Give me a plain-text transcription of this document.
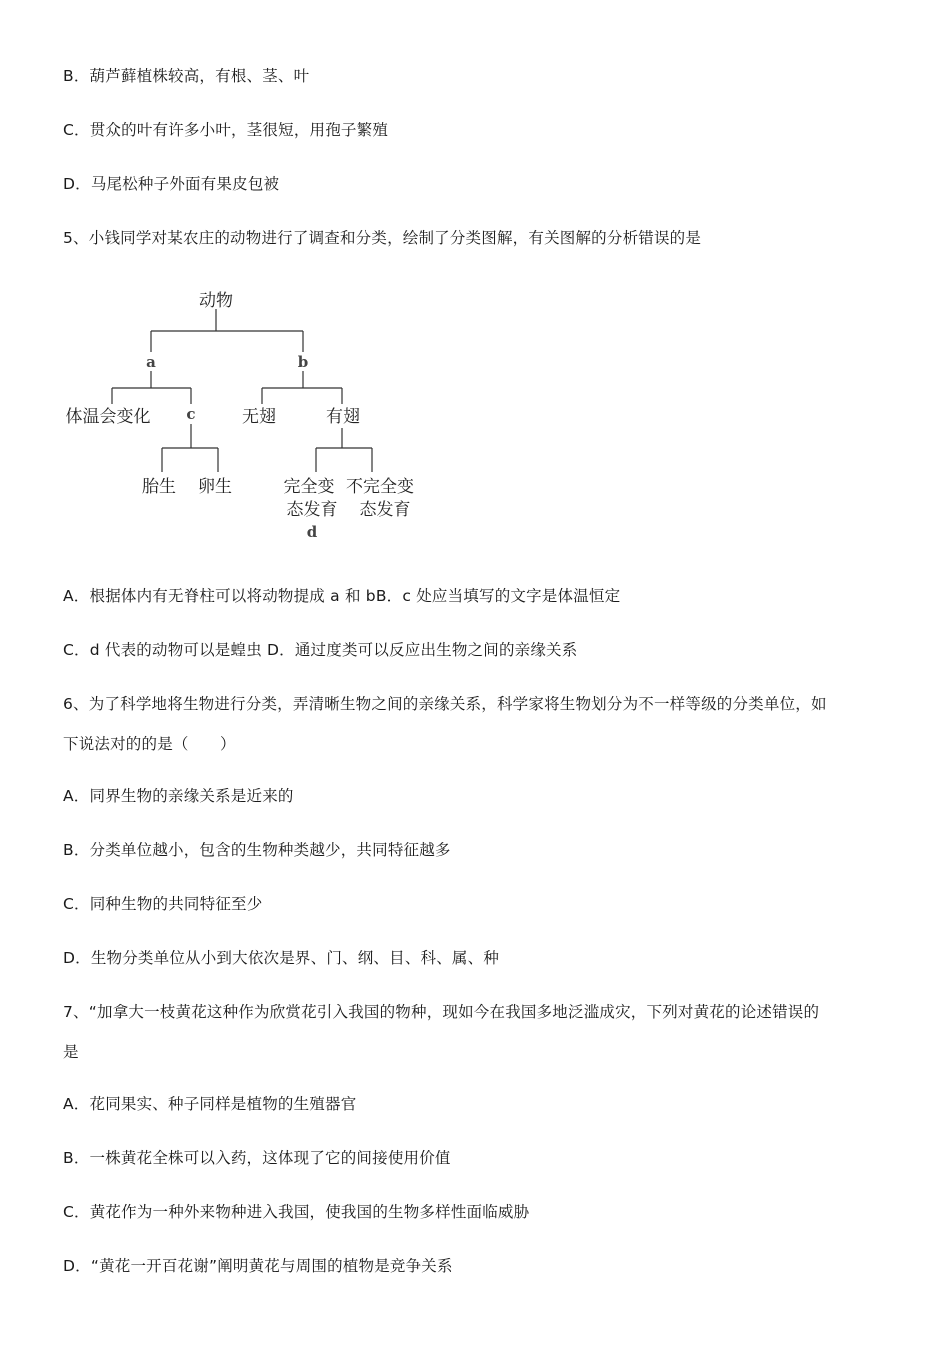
B．葫芦藓植株较高，有根、茎、叶
C．贯众的叶有许多小叶，茎很短，用孢子繁殖
D．马尾松种子外面有果皮包被
5、小钱同学对某农庄的动物进行了调查和分类，绘制了分类图解，有关图解的分析错误的是
动物
a	b
体温会变化 c	无翅	有翅
胎生 卵生	完全变
态发育
不完全变
态发育
d
A．根据体内有无脊柱可以将动物提成 a 和 bB．c 处应当填写的文字是体温恒定
C．d 代表的动物可以是蝗虫 D．通过度类可以反应出生物之间的亲缘关系
6、为了科学地将生物进行分类，弄清晰生物之间的亲缘关系，科学家将生物划分为不一样等级的分类单位，如
下说法对的的是（　　）
A．同界生物的亲缘关系是近来的
B．分类单位越小，包含的生物种类越少，共同特征越多
C．同种生物的共同特征至少
D．生物分类单位从小到大依次是界、门、纲、目、科、属、种
7、“加拿大一枝黄花这种作为欣赏花引入我国的物种，现如今在我国多地泛滥成灾，下列对黄花的论述错误的
是
A．花同果实、种子同样是植物的生殖器官
B．一株黄花全株可以入药，这体现了它的间接使用价值
C．黄花作为一种外来物种进入我国，使我国的生物多样性面临威胁
D．“黄花一开百花谢”阐明黄花与周围的植物是竞争关系
